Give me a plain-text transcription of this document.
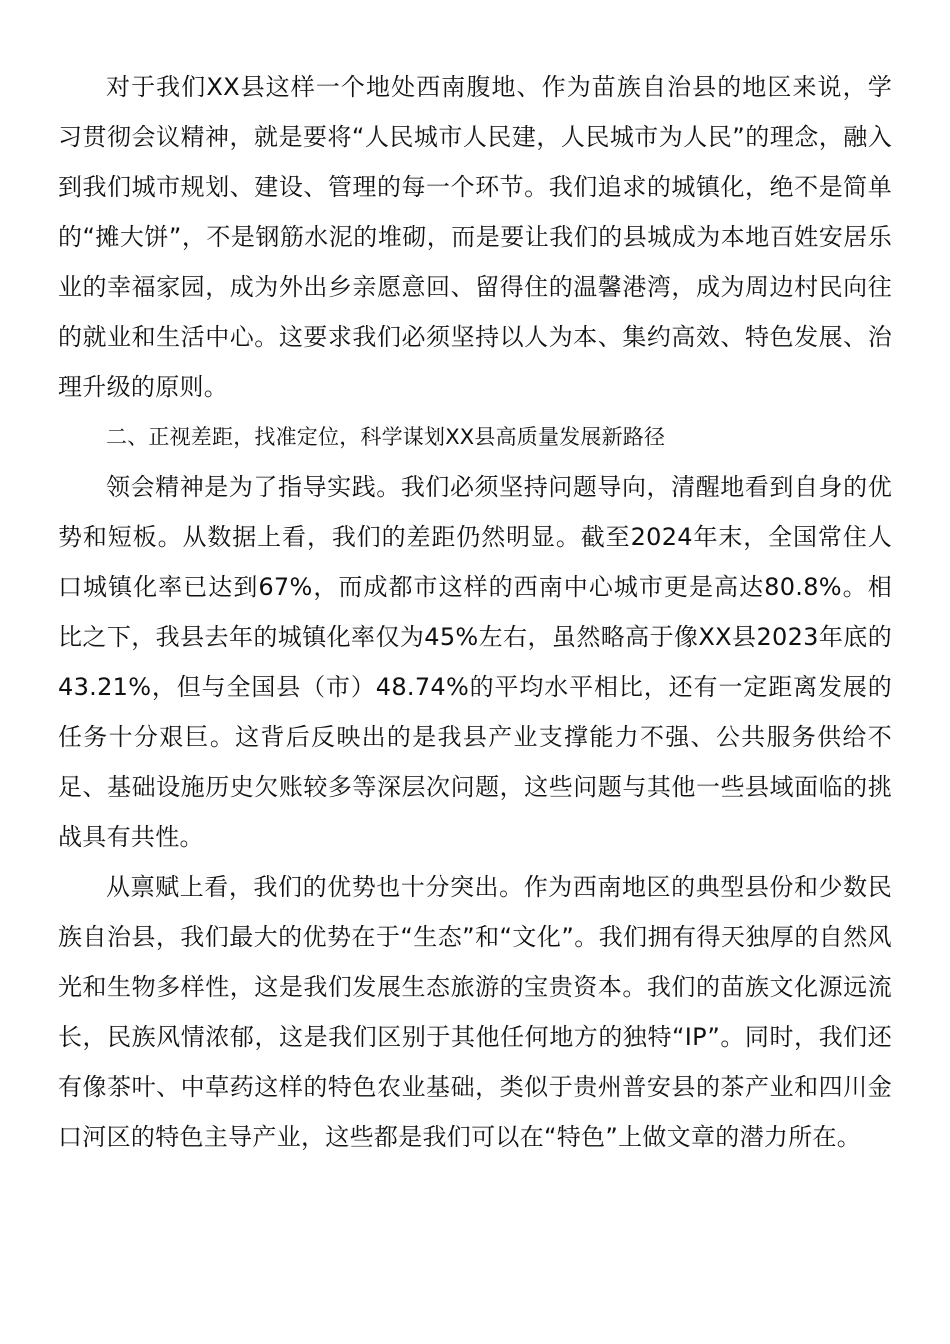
对于我们XX县这样一个地处西南腹地、作为苗族自治县的地区来说，学习贯彻会议精神，就是要将“人民城市人民建，人民城市为人民”的理念，融入到我们城市规划、建设、管理的每一个环节。我们追求的城镇化，绝不是简单的“摊大饼”，不是钢筋水泥的堆砌，而是要让我们的县城成为本地百姓安居乐业的幸福家园，成为外出乡亲愿意回、留得住的温馨港湾，成为周边村民向往的就业和生活中心。这要求我们必须坚持以人为本、集约高效、特色发展、治理升级的原则。

二、正视差距，找准定位，科学谋划XX县高质量发展新路径

领会精神是为了指导实践。我们必须坚持问题导向，清醒地看到自身的优势和短板。从数据上看，我们的差距仍然明显。截至2024年末，全国常住人口城镇化率已达到67%，而成都市这样的西南中心城市更是高达80.8%。相比之下，我县去年的城镇化率仅为45%左右，虽然略高于像XX县2023年底的43.21%，但与全国县（市）48.74%的平均水平相比，还有一定距离发展的任务十分艰巨。这背后反映出的是我县产业支撑能力不强、公共服务供给不足、基础设施历史欠账较多等深层次问题，这些问题与其他一些县域面临的挑战具有共性。

从禀赋上看，我们的优势也十分突出。作为西南地区的典型县份和少数民族自治县，我们最大的优势在于“生态”和“文化”。我们拥有得天独厚的自然风光和生物多样性，这是我们发展生态旅游的宝贵资本。我们的苗族文化源远流长，民族风情浓郁，这是我们区别于其他任何地方的独特“IP”。同时，我们还有像茶叶、中草药这样的特色农业基础，类似于贵州普安县的茶产业和四川金口河区的特色主导产业，这些都是我们可以在“特色”上做文章的潜力所在。
